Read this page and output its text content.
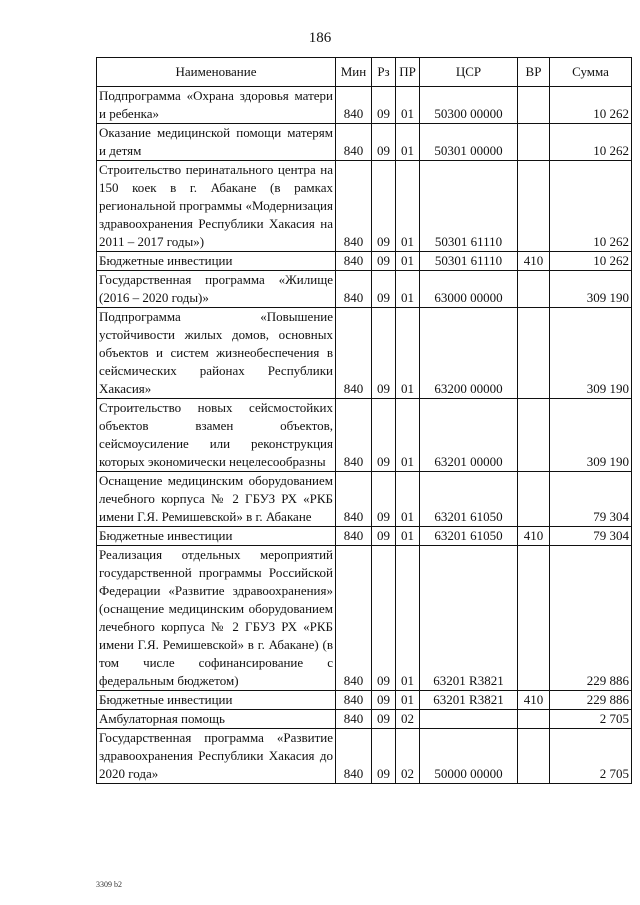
186
Наименование	Мин	Рз	ПР	ЦСР	ВР	Сумма
Подпрограмма «Охрана здоровья матери и ребенка»	840	09	01	50300 00000		10 262
Оказание медицинской помощи матерям и детям	840	09	01	50301 00000		10 262
Строительство перинатального центра на 150 коек в г. Абакане (в рамках региональной программы «Модернизация здравоохранения Республики Хакасия на 2011 – 2017 годы»)	840	09	01	50301 61110		10 262
Бюджетные инвестиции	840	09	01	50301 61110	410	10 262
Государственная программа «Жилище (2016 – 2020 годы)»	840	09	01	63000 00000		309 190
Подпрограмма «Повышение устойчивости жилых домов, основных объектов и систем жизнеобеспечения в сейсмических районах Республики Хакасия»	840	09	01	63200 00000		309 190
Строительство новых сейсмостойких объектов взамен объектов, сейсмоусиление или реконструкция которых экономически нецелесообразны	840	09	01	63201 00000		309 190
Оснащение медицинским оборудованием лечебного корпуса № 2 ГБУЗ РХ «РКБ имени Г.Я. Ремишевской» в г. Абакане	840	09	01	63201 61050		79 304
Бюджетные инвестиции	840	09	01	63201 61050	410	79 304
Реализация отдельных мероприятий государственной программы Российской Федерации «Развитие здравоохранения» (оснащение медицинским оборудованием лечебного корпуса № 2 ГБУЗ РХ «РКБ имени Г.Я. Ремишевской» в г. Абакане) (в том числе софинансирование с федеральным бюджетом)	840	09	01	63201 R3821		229 886
Бюджетные инвестиции	840	09	01	63201 R3821	410	229 886
Амбулаторная помощь	840	09	02			2 705
Государственная программа «Развитие здравоохранения Республики Хакасия до 2020 года»	840	09	02	50000 00000		2 705
3309 b2
